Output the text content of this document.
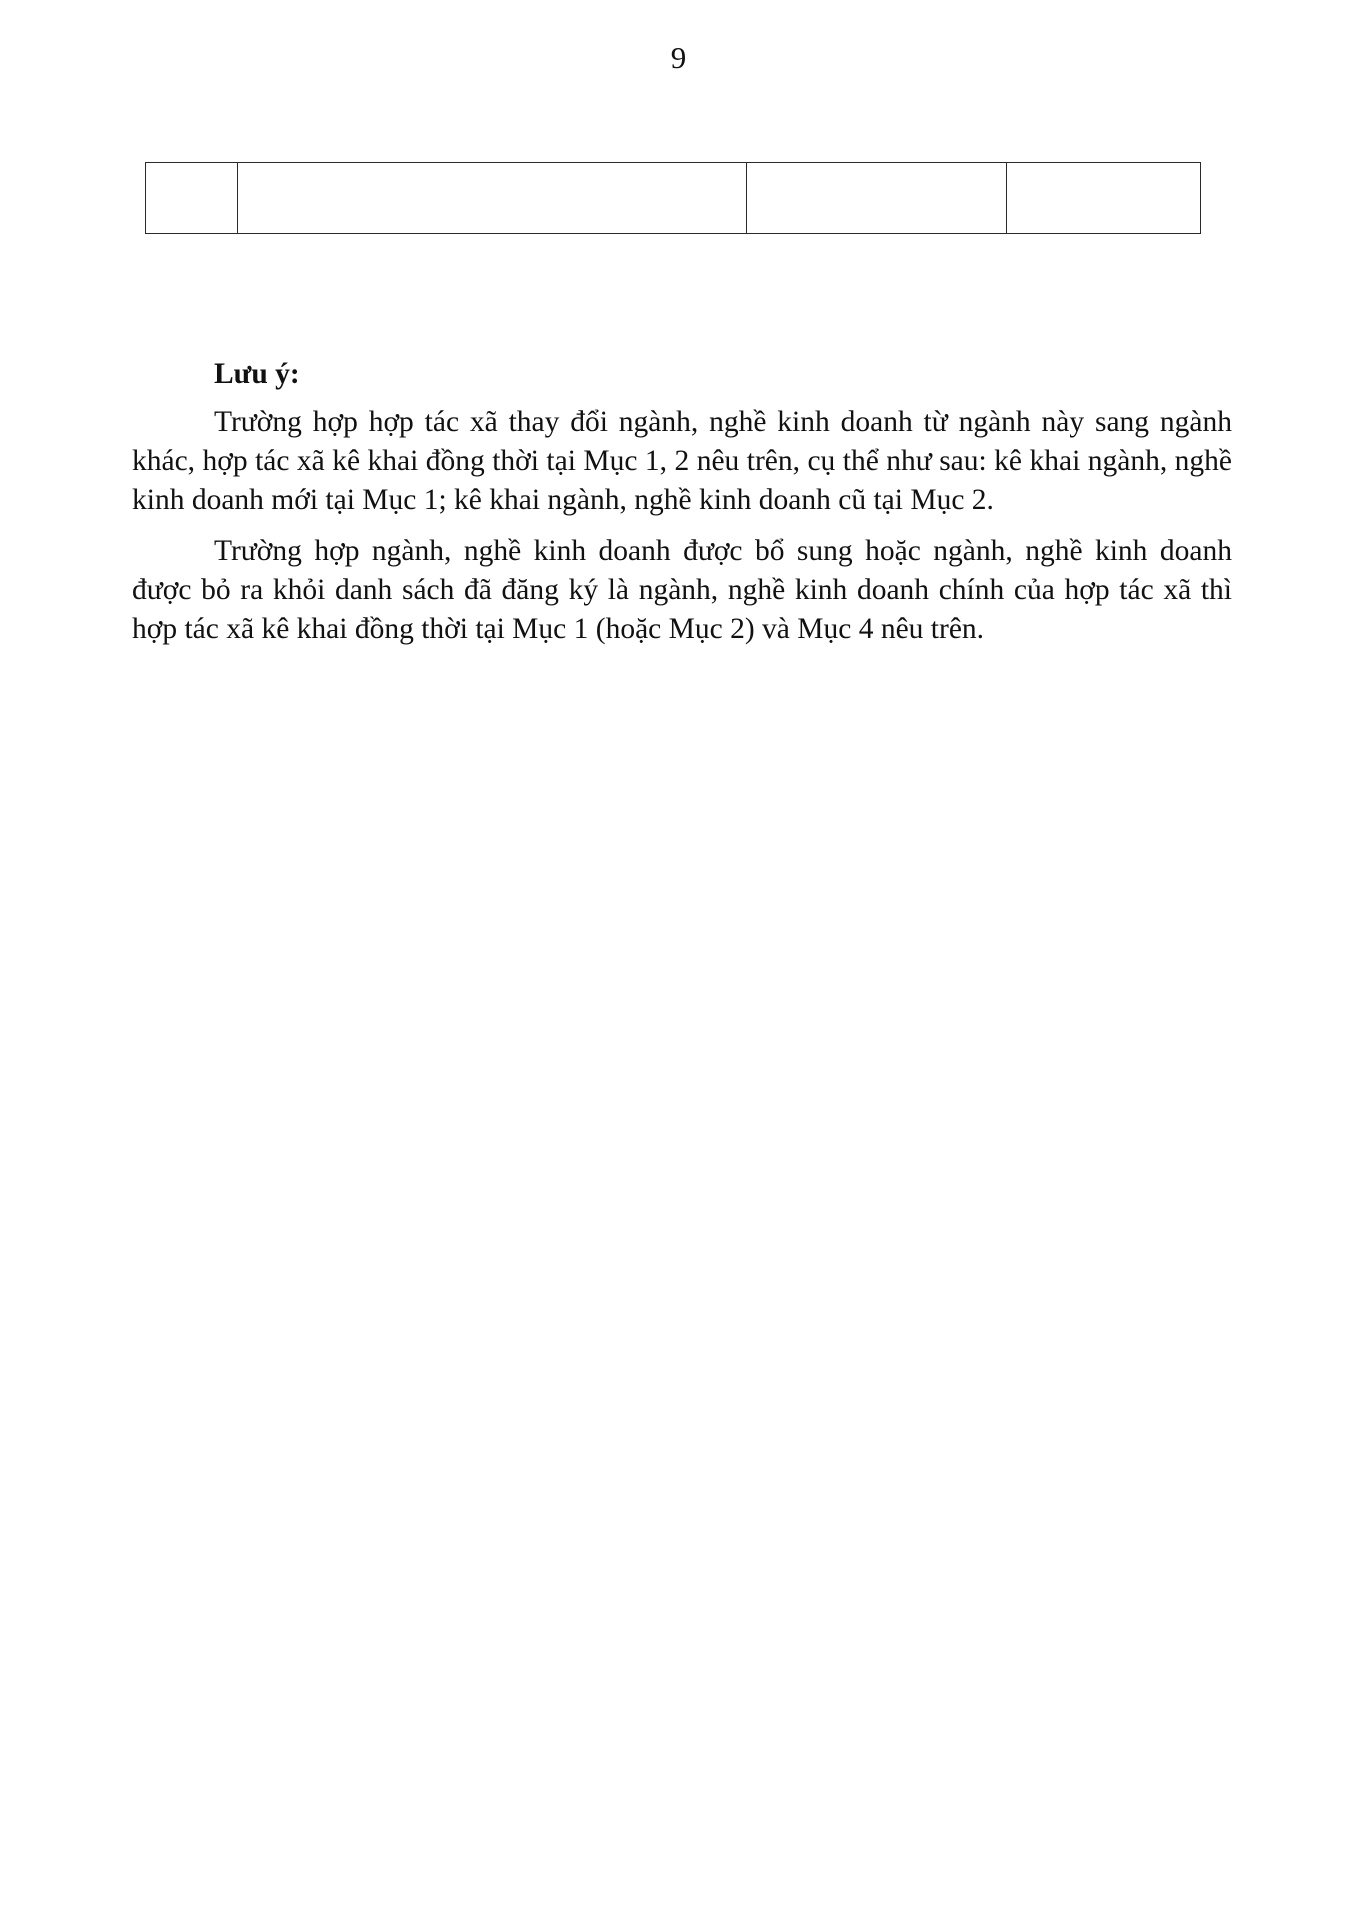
9

Lưu ý:

Trường hợp hợp tác xã thay đổi ngành, nghề kinh doanh từ ngành này sang ngành khác, hợp tác xã kê khai đồng thời tại Mục 1, 2 nêu trên, cụ thể như sau: kê khai ngành, nghề kinh doanh mới tại Mục 1; kê khai ngành, nghề kinh doanh cũ tại Mục 2.

Trường hợp ngành, nghề kinh doanh được bổ sung hoặc ngành, nghề kinh doanh được bỏ ra khỏi danh sách đã đăng ký là ngành, nghề kinh doanh chính của hợp tác xã thì hợp tác xã kê khai đồng thời tại Mục 1 (hoặc Mục 2) và Mục 4 nêu trên.
